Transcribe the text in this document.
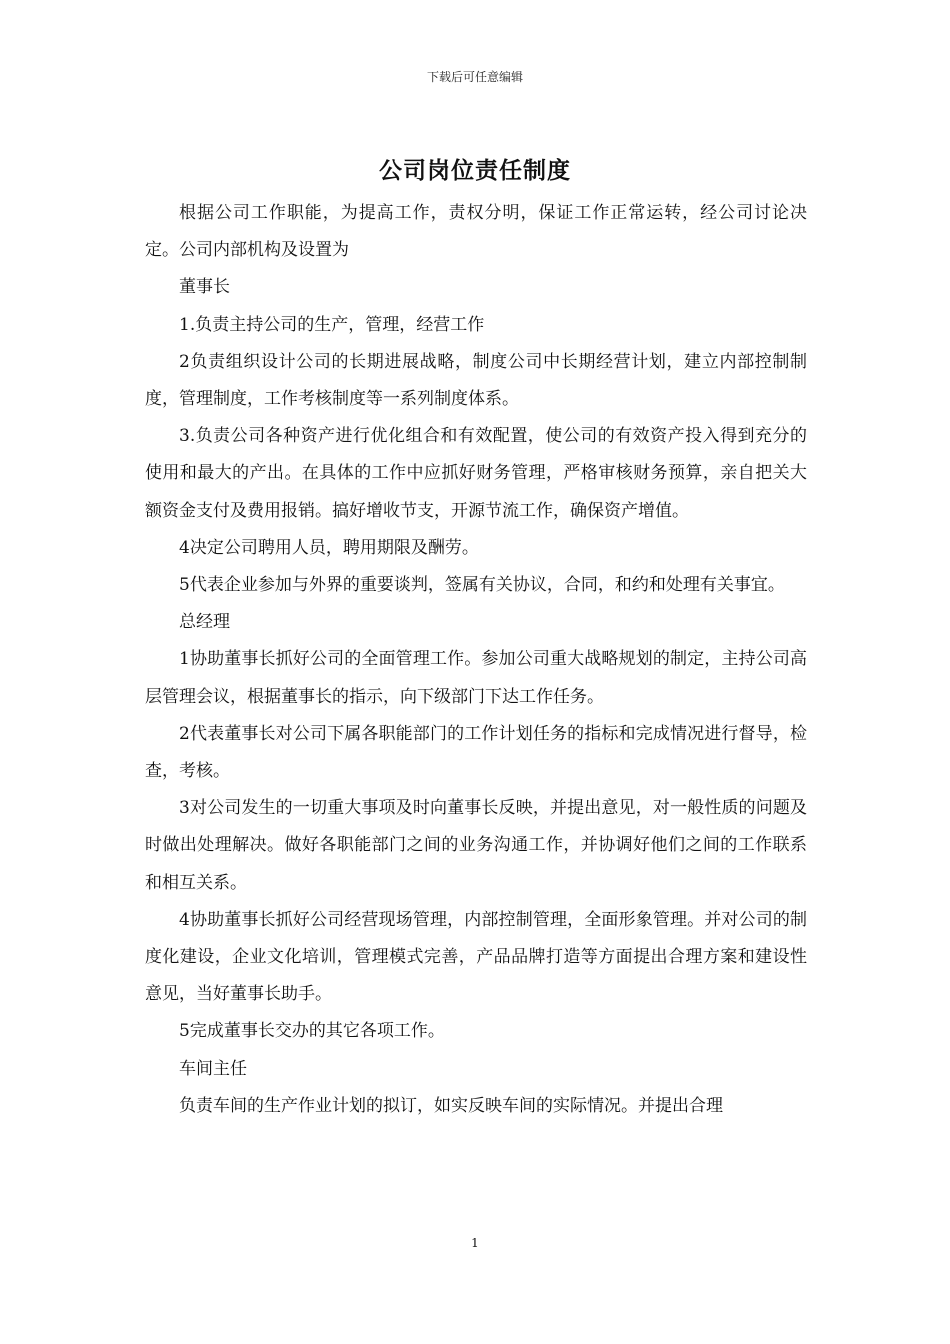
下载后可任意编辑
公司岗位责任制度

根据公司工作职能，为提高工作，责权分明，保证工作正常运转，经公司讨论决定。公司内部机构及设置为

董事长

1.负责主持公司的生产，管理，经营工作

2负责组织设计公司的长期进展战略，制度公司中长期经营计划，建立内部控制制度，管理制度，工作考核制度等一系列制度体系。

3.负责公司各种资产进行优化组合和有效配置，使公司的有效资产投入得到充分的使用和最大的产出。在具体的工作中应抓好财务管理，严格审核财务预算，亲自把关大额资金支付及费用报销。搞好增收节支，开源节流工作，确保资产增值。

4决定公司聘用人员，聘用期限及酬劳。

5代表企业参加与外界的重要谈判，签属有关协议，合同，和约和处理有关事宜。

总经理

1协助董事长抓好公司的全面管理工作。参加公司重大战略规划的制定，主持公司高层管理会议，根据董事长的指示，向下级部门下达工作任务。

2代表董事长对公司下属各职能部门的工作计划任务的指标和完成情况进行督导，检查，考核。

3对公司发生的一切重大事项及时向董事长反映，并提出意见，对一般性质的问题及时做出处理解决。做好各职能部门之间的业务沟通工作，并协调好他们之间的工作联系和相互关系。

4协助董事长抓好公司经营现场管理，内部控制管理，全面形象管理。并对公司的制度化建设，企业文化培训，管理模式完善，产品品牌打造等方面提出合理方案和建设性意见，当好董事长助手。

5完成董事长交办的其它各项工作。

车间主任

负责车间的生产作业计划的拟订，如实反映车间的实际情况。并提出合理

1
